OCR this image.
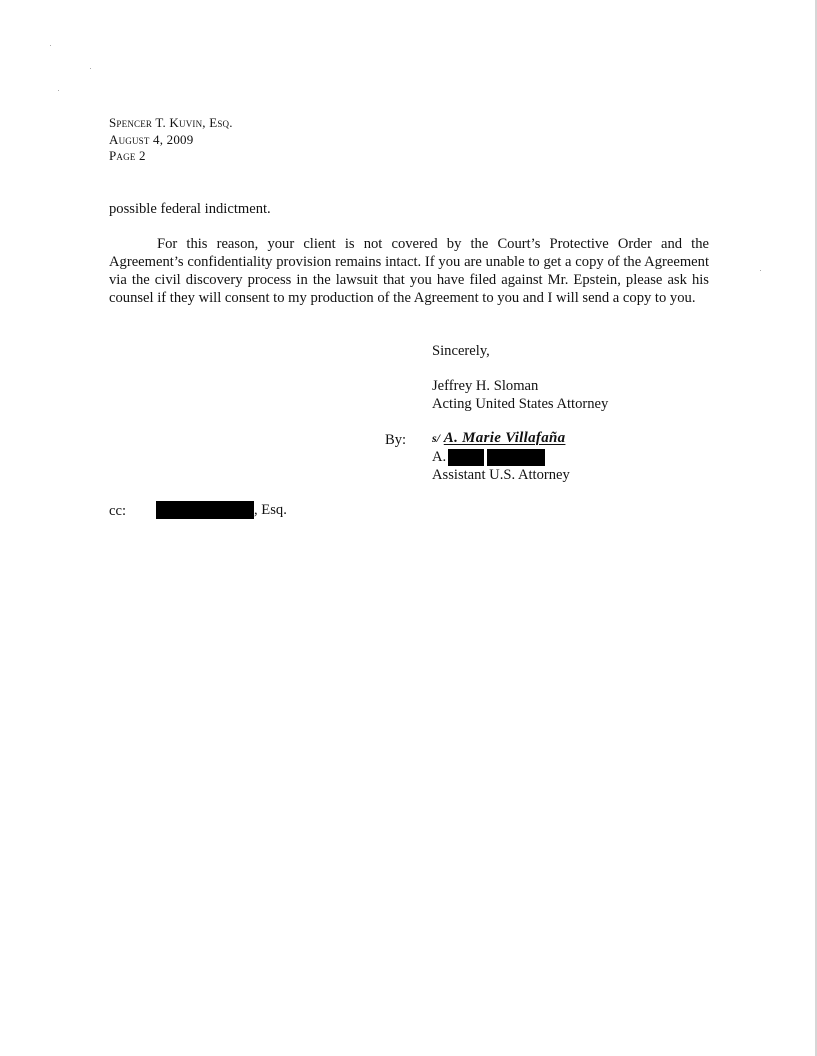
Spencer T. Kuvin, Esq.
August 4, 2009
Page 2
possible federal indictment.
For this reason, your client is not covered by the Court’s Protective Order and the Agreement’s confidentiality provision remains intact. If you are unable to get a copy of the Agreement via the civil discovery process in the lawsuit that you have filed against Mr. Epstein, please ask his counsel if they will consent to my production of the Agreement to you and I will send a copy to you.
Sincerely,
Jeffrey H. Sloman
Acting United States Attorney
By: s/ A. Marie Villafaña
A.
Assistant U.S. Attorney
cc:	, Esq.
